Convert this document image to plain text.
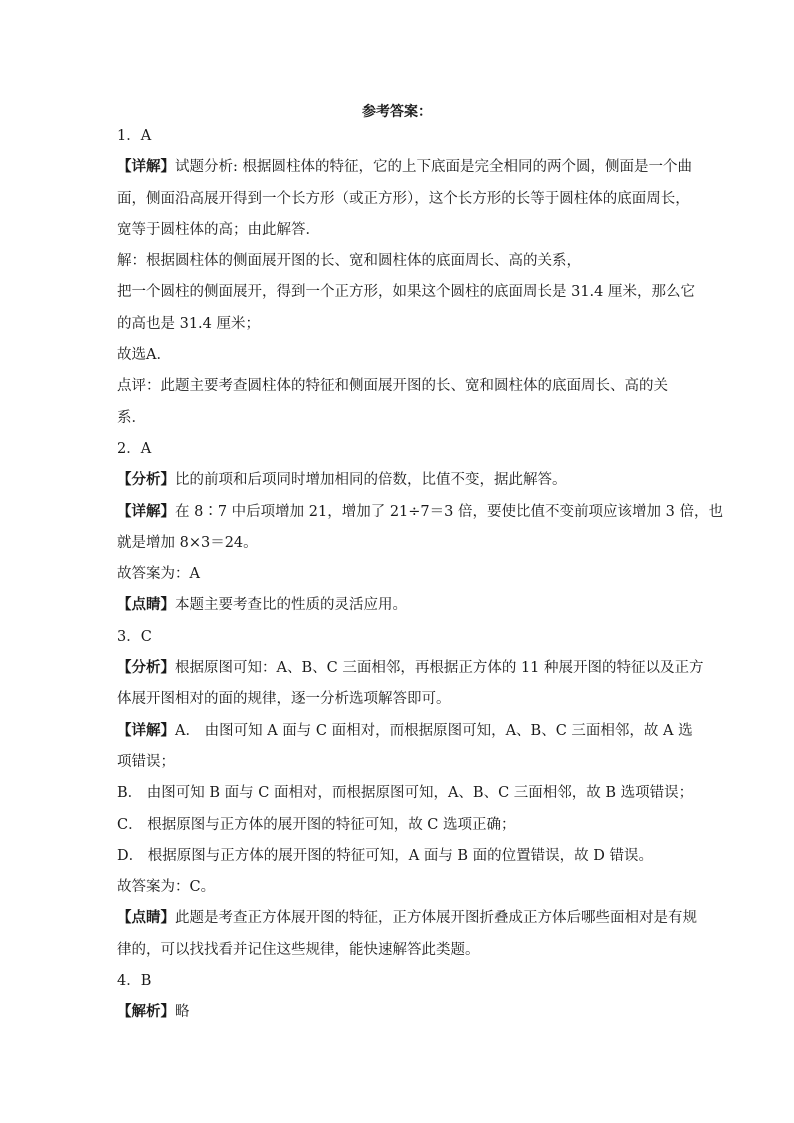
参考答案：
1．A
【详解】试题分析: 根据圆柱体的特征，它的上下底面是完全相同的两个圆，侧面是一个曲
面，侧面沿高展开得到一个长方形（或正方形），这个长方形的长等于圆柱体的底面周长，
宽等于圆柱体的高；由此解答．
解：根据圆柱体的侧面展开图的长、宽和圆柱体的底面周长、高的关系，
把一个圆柱的侧面展开，得到一个正方形，如果这个圆柱的底面周长是 31.4 厘米，那么它
的高也是 31.4 厘米；
故选A．
点评：此题主要考查圆柱体的特征和侧面展开图的长、宽和圆柱体的底面周长、高的关
系．
2．A
【分析】比的前项和后项同时增加相同的倍数，比值不变，据此解答。
【详解】在 8∶7 中后项增加 21，增加了 21÷7＝3 倍，要使比值不变前项应该增加 3 倍，也
就是增加 8×3＝24。
故答案为：A
【点睛】本题主要考查比的性质的灵活应用。
3．C
【分析】根据原图可知：A、B、C 三面相邻，再根据正方体的 11 种展开图的特征以及正方
体展开图相对的面的规律，逐一分析选项解答即可。
【详解】A． 由图可知 A 面与 C 面相对，而根据原图可知，A、B、C 三面相邻，故 A 选
项错误；
B． 由图可知 B 面与 C 面相对，而根据原图可知，A、B、C 三面相邻，故 B 选项错误；
C． 根据原图与正方体的展开图的特征可知，故 C 选项正确；
D． 根据原图与正方体的展开图的特征可知，A 面与 B 面的位置错误，故 D 错误。
故答案为：C。
【点睛】此题是考查正方体展开图的特征，正方体展开图折叠成正方体后哪些面相对是有规
律的，可以找找看并记住这些规律，能快速解答此类题。
4．B
【解析】略
